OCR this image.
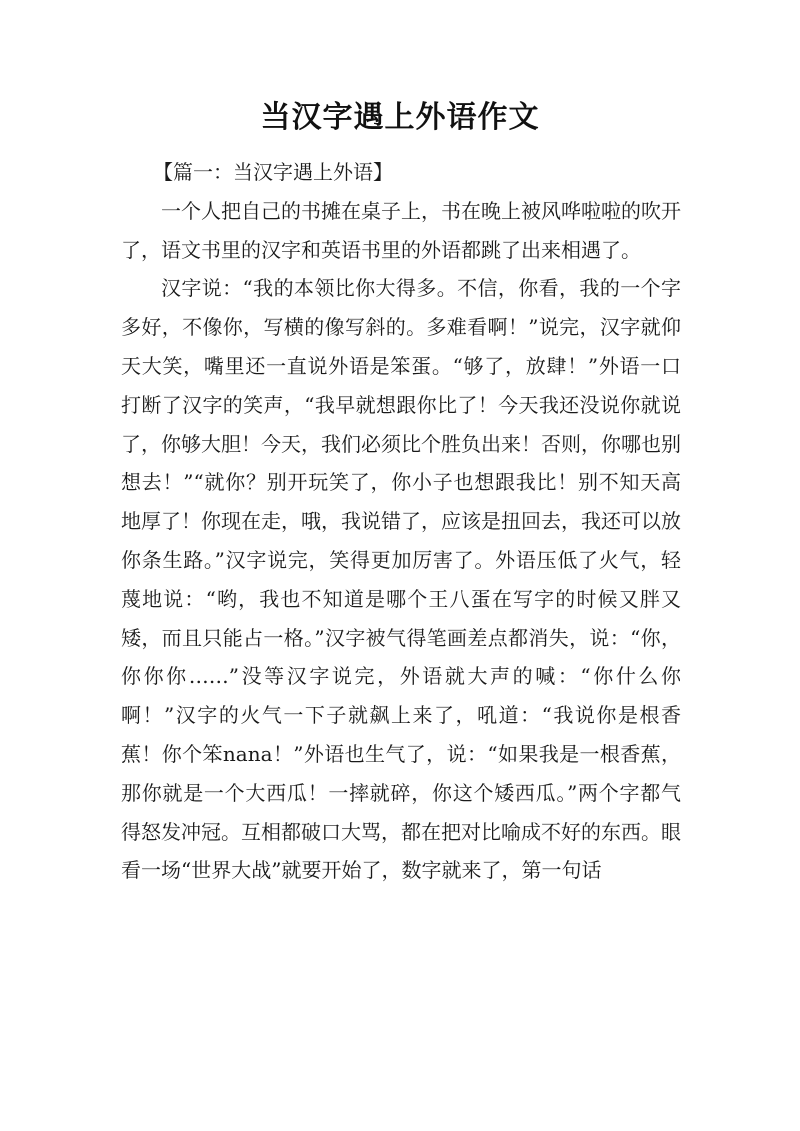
当汉字遇上外语作文

【篇一：当汉字遇上外语】

一个人把自己的书摊在桌子上，书在晚上被风哗啦啦的吹开了，语文书里的汉字和英语书里的外语都跳了出来相遇了。

汉字说：“我的本领比你大得多。不信，你看，我的一个字多好，不像你，写横的像写斜的。多难看啊！”说完，汉字就仰天大笑，嘴里还一直说外语是笨蛋。“够了，放肆！”外语一口打断了汉字的笑声，“我早就想跟你比了！今天我还没说你就说了，你够大胆！今天，我们必须比个胜负出来！否则，你哪也别想去！”“就你？别开玩笑了，你小子也想跟我比！别不知天高地厚了！你现在走，哦，我说错了，应该是扭回去，我还可以放你条生路。”汉字说完，笑得更加厉害了。外语压低了火气，轻蔑地说：“哟，我也不知道是哪个王八蛋在写字的时候又胖又矮，而且只能占一格。”汉字被气得笔画差点都消失，说：“你，你你你……”没等汉字说完，外语就大声的喊：“你什么你啊！”汉字的火气一下子就飙上来了，吼道：“我说你是根香蕉！你个笨nana！”外语也生气了，说：“如果我是一根香蕉，那你就是一个大西瓜！一摔就碎，你这个矮西瓜。”两个字都气得怒发冲冠。互相都破口大骂，都在把对比喻成不好的东西。眼看一场“世界大战”就要开始了，数字就来了，第一句话
